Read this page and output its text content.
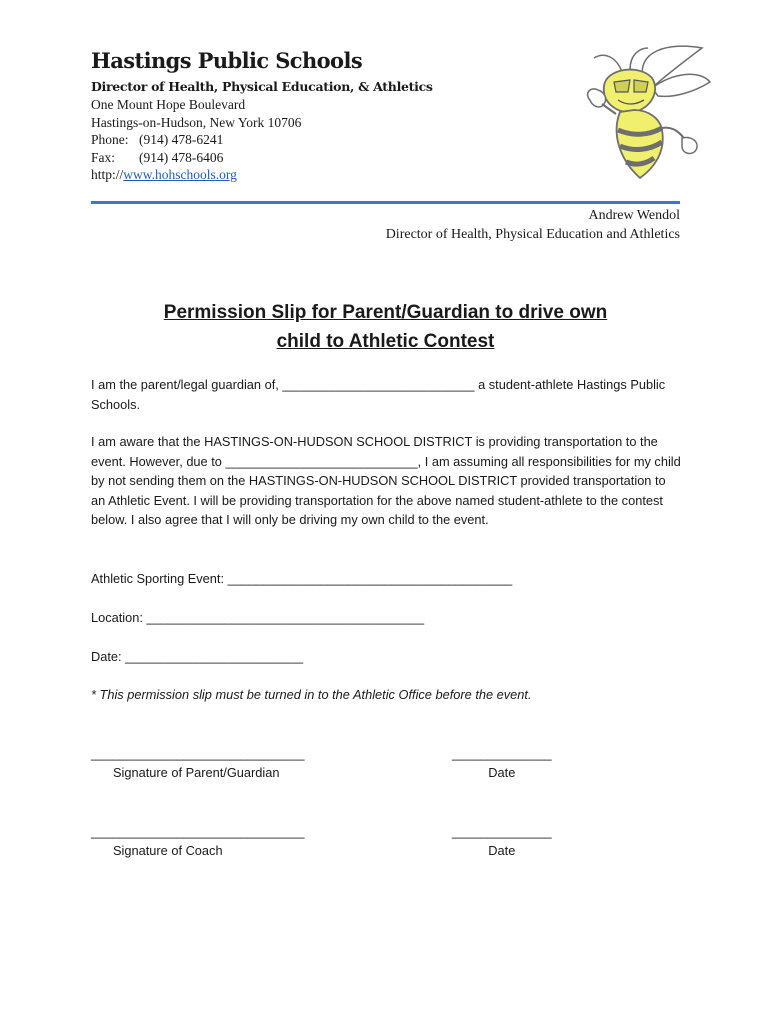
Hastings Public Schools
Director of Health, Physical Education, & Athletics
One Mount Hope Boulevard
Hastings-on-Hudson, New York 10706
Phone: (914) 478-6241
Fax: (914) 478-6406
http://www.hohschools.org
Andrew Wendol
Director of Health, Physical Education and Athletics
Permission Slip for Parent/Guardian to drive own
child to Athletic Contest
I am the parent/legal guardian of, ___________________________ a student-athlete Hastings Public Schools.
I am aware that the HASTINGS-ON-HUDSON SCHOOL DISTRICT is providing transportation to the event. However, due to ___________________________, I am assuming all responsibilities for my child by not sending them on the HASTINGS-ON-HUDSON SCHOOL DISTRICT provided transportation to an Athletic Event. I will be providing transportation for the above named student-athlete to the contest below. I also agree that I will only be driving my own child to the event.
Athletic Sporting Event: ________________________________________
Location: _______________________________________
Date: _________________________
* This permission slip must be turned in to the Athletic Office before the event.
______________________________
Signature of Parent/Guardian
______________
Date
______________________________
Signature of Coach
______________
Date
